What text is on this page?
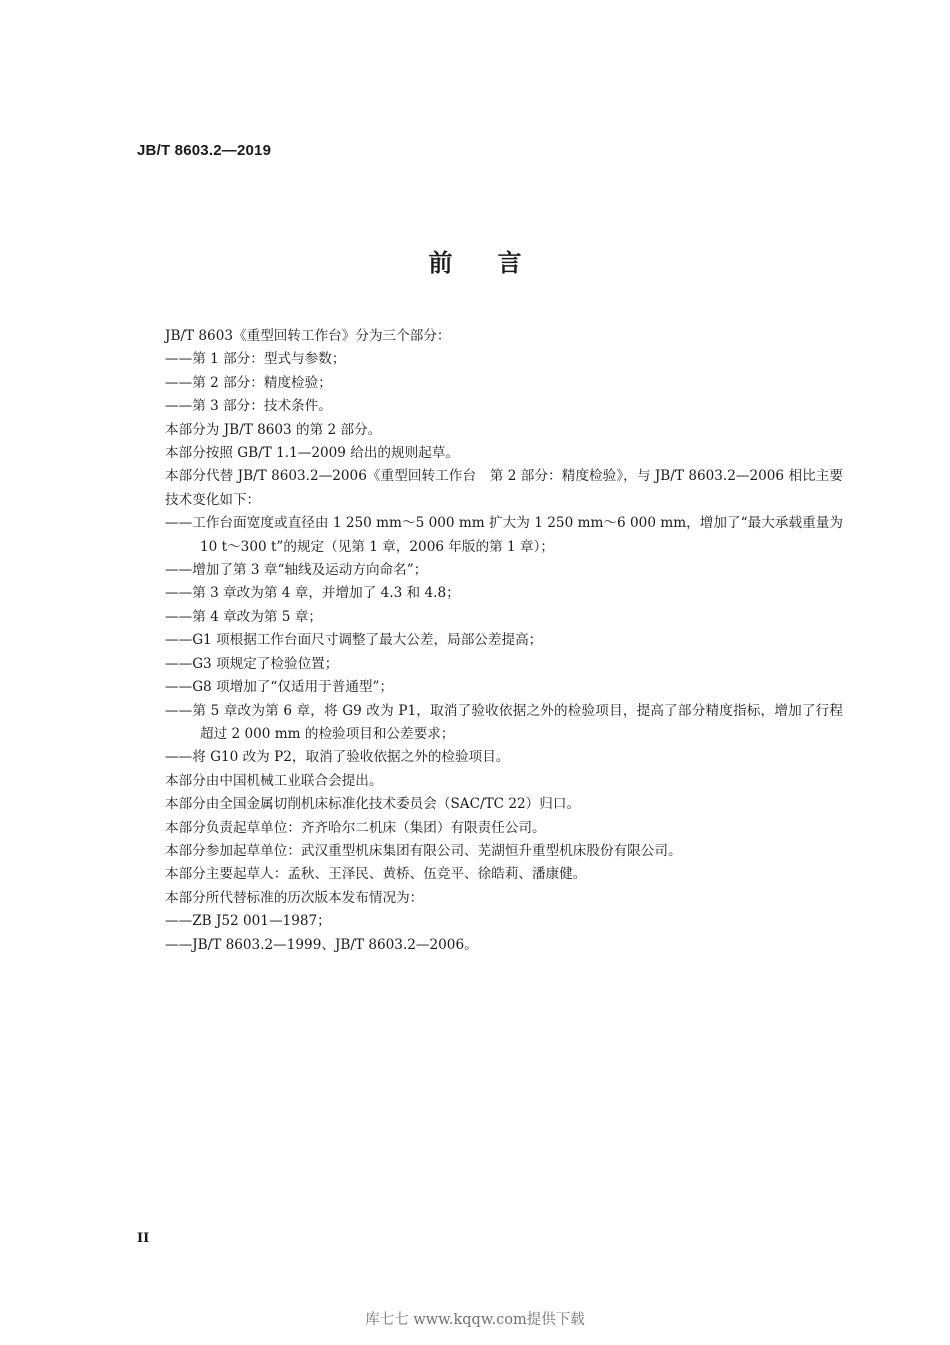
JB/T 8603.2—2019
前言

JB/T 8603《重型回转工作台》分为三个部分：

——第 1 部分：型式与参数；

——第 2 部分：精度检验；

——第 3 部分：技术条件。

本部分为 JB/T 8603 的第 2 部分。

本部分按照 GB/T 1.1—2009 给出的规则起草。

本部分代替 JB/T 8603.2—2006《重型回转工作台　第 2 部分：精度检验》，与 JB/T 8603.2—2006 相比主要技术变化如下：

——工作台面宽度或直径由 1 250 mm～5 000 mm 扩大为 1 250 mm～6 000 mm，增加了“最大承载重量为 10 t～300 t”的规定（见第 1 章，2006 年版的第 1 章）；

——增加了第 3 章“轴线及运动方向命名”；

——第 3 章改为第 4 章，并增加了 4.3 和 4.8；

——第 4 章改为第 5 章；

——G1 项根据工作台面尺寸调整了最大公差，局部公差提高；

——G3 项规定了检验位置；

——G8 项增加了“仅适用于普通型”；

——第 5 章改为第 6 章，将 G9 改为 P1，取消了验收依据之外的检验项目，提高了部分精度指标，增加了行程超过 2 000 mm 的检验项目和公差要求；

——将 G10 改为 P2，取消了验收依据之外的检验项目。

本部分由中国机械工业联合会提出。

本部分由全国金属切削机床标准化技术委员会（SAC/TC 22）归口。

本部分负责起草单位：齐齐哈尔二机床（集团）有限责任公司。

本部分参加起草单位：武汉重型机床集团有限公司、芜湖恒升重型机床股份有限公司。

本部分主要起草人：孟秋、王泽民、黄桥、伍竞平、徐皓莉、潘康健。

本部分所代替标准的历次版本发布情况为：

——ZB J52 001—1987；

——JB/T 8603.2—1999、JB/T 8603.2—2006。

II
库七七 www.kqqw.com提供下载
